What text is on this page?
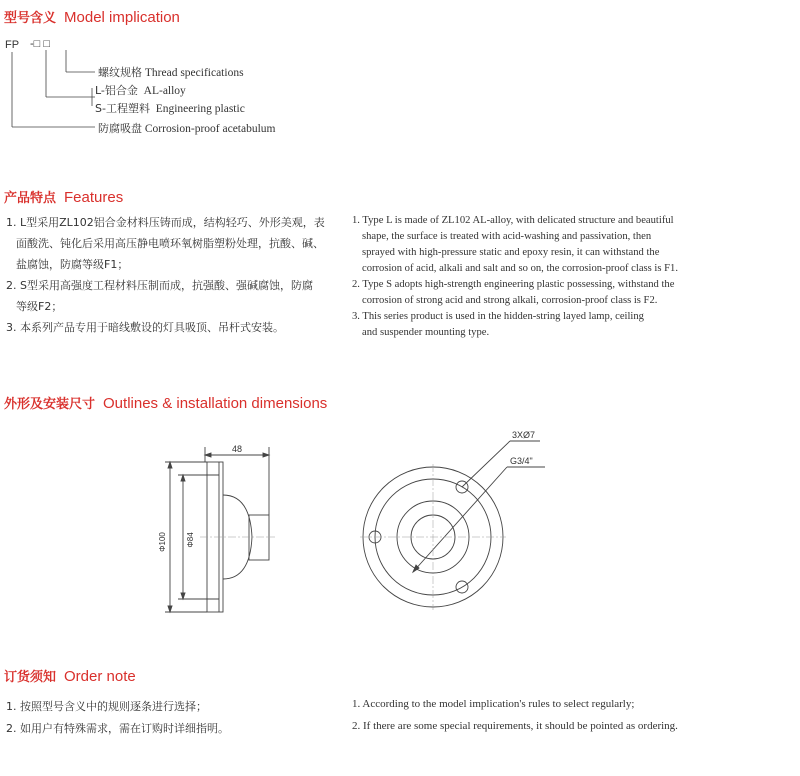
型号含义 Model implication
FP -□ □
螺纹规格 Thread specifications
L-铝合金 AL-alloy
S-工程塑料 Engineering plastic
防腐吸盘 Corrosion-proof acetabulum
产品特点 Features

1. L型采用ZL102铝合金材料压铸而成，结构轻巧、外形美观，表

面酸洗、钝化后采用高压静电喷环氧树脂塑粉处理，抗酸、碱、

盐腐蚀，防腐等级F1；

2. S型采用高强度工程材料压制而成，抗强酸、强碱腐蚀，防腐

等级F2；

3. 本系列产品专用于暗线敷设的灯具吸顶、吊杆式安装。

1. Type L is made of ZL102 AL-alloy, with delicated structure and beautiful

shape, the surface is treated with acid-washing and passivation, then

sprayed with high-pressure static and epoxy resin, it can withstand the

corrosion of acid, alkali and salt and so on, the corrosion-proof class is F1.

2. Type S adopts high-strength engineering plastic possessing, withstand the

corrosion of strong acid and strong alkali, corrosion-proof class is F2.

3. This series product is used in the hidden-string layed lamp, ceiling

and suspender mounting type.

外形及安装尺寸 Outlines & installation dimensions
48
Φ100 Φ84
3XØ7
G3/4"
订货须知 Order note
1. 按照型号含义中的规则逐条进行选择；
2. 如用户有特殊需求，需在订购时详细指明。
1. According to the model implication's rules to select regularly;
2. If there are some special requirements, it should be pointed as ordering.
